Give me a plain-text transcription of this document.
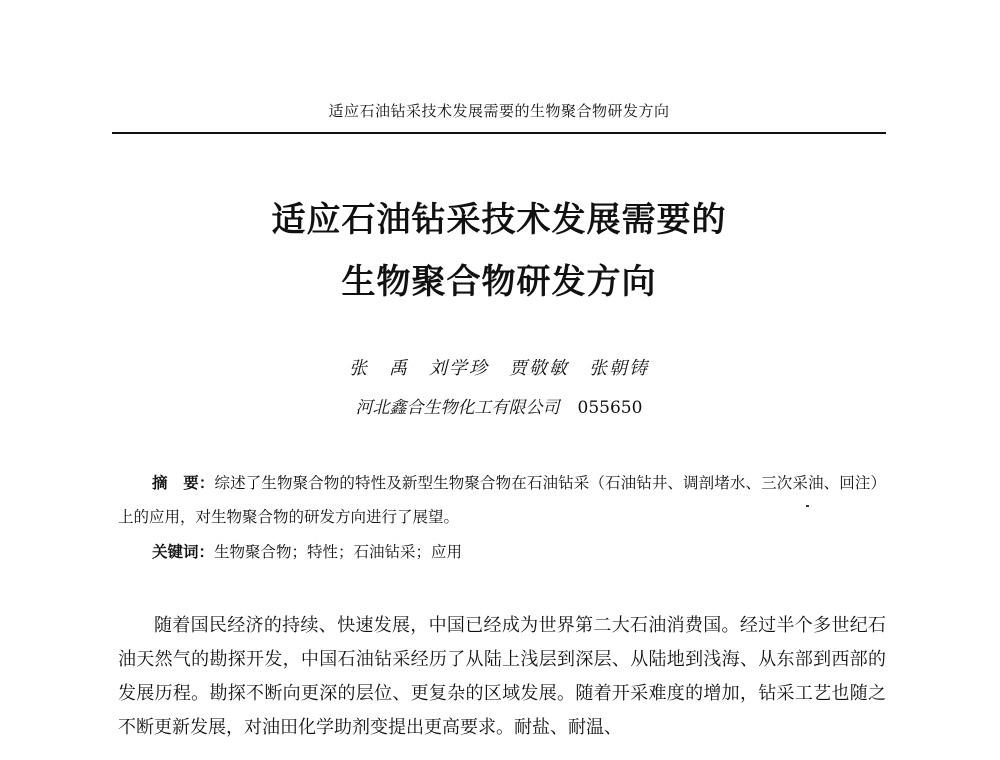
适应石油钻采技术发展需要的生物聚合物研发方向
适应石油钻采技术发展需要的
生物聚合物研发方向
张　禹　刘学珍　贾敬敏　张朝铸
河北鑫合生物化工有限公司 055650
摘　要：综述了生物聚合物的特性及新型生物聚合物在石油钻采（石油钻井、调剖堵水、三次采油、回注）上的应用，对生物聚合物的研发方向进行了展望。
关键词：生物聚合物；特性；石油钻采；应用
随着国民经济的持续、快速发展，中国已经成为世界第二大石油消费国。经过半个多世纪石油天然气的勘探开发，中国石油钻采经历了从陆上浅层到深层、从陆地到浅海、从东部到西部的发展历程。勘探不断向更深的层位、更复杂的区域发展。随着开采难度的增加，钻采工艺也随之不断更新发展，对油田化学助剂变提出更高要求。耐盐、耐温、
